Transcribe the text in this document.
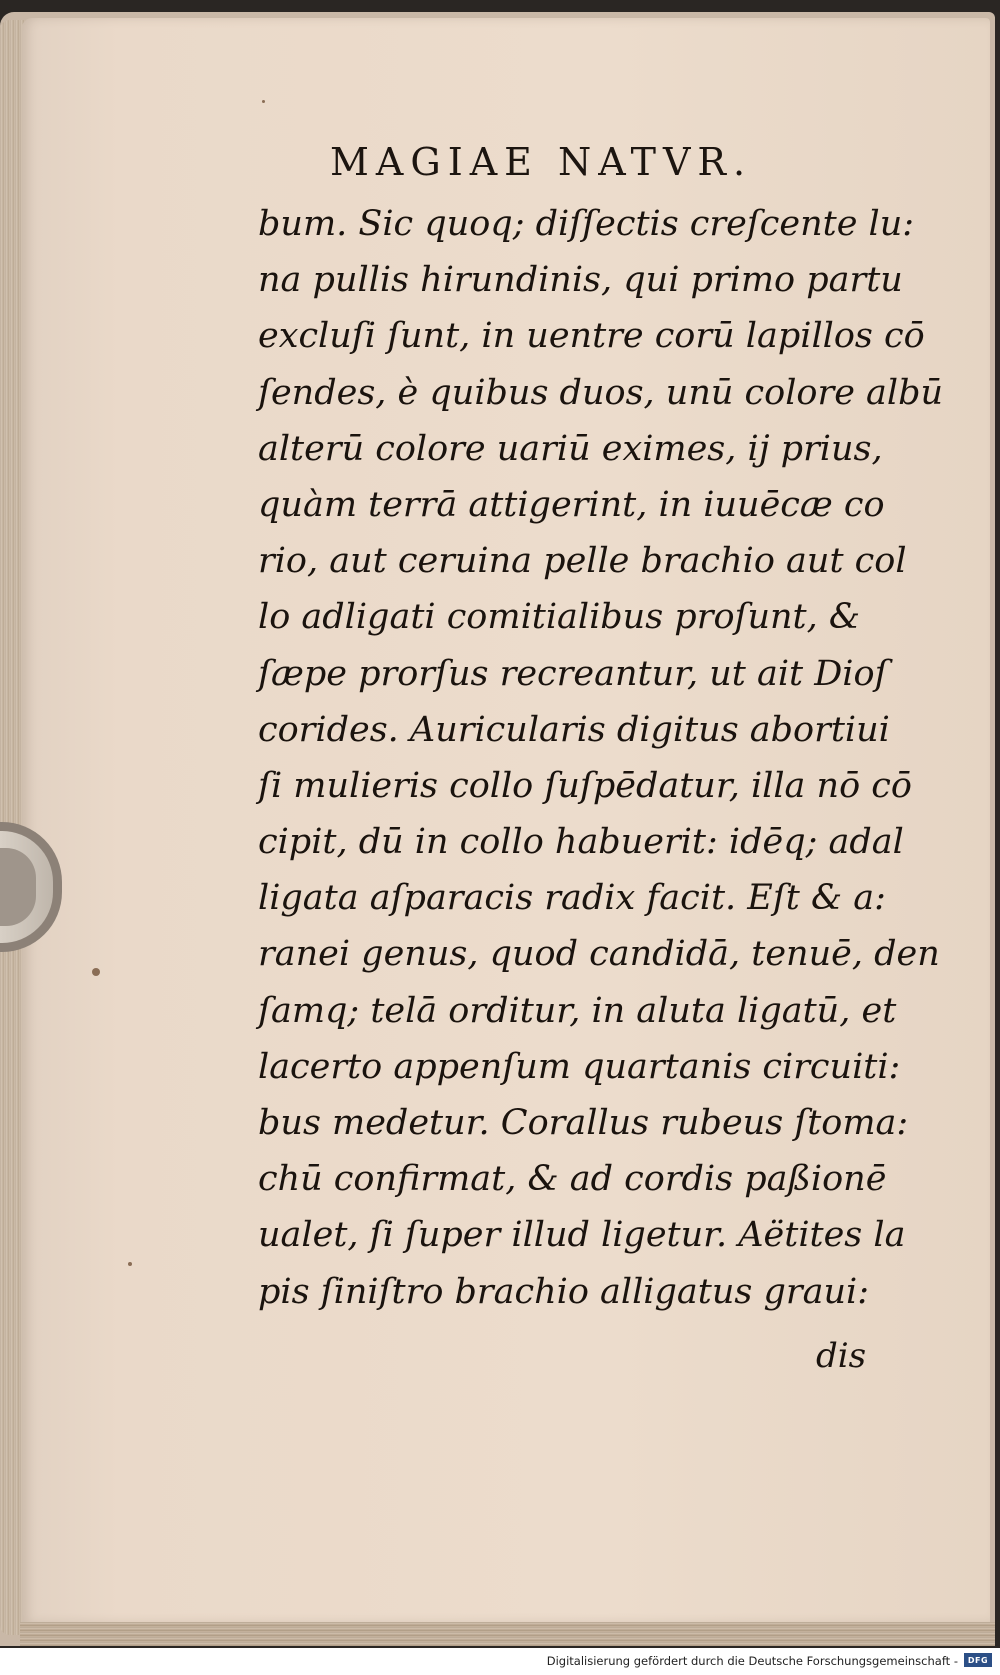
MAGIAE NATVR.
bum. Sic quoq; diſſectis creſcente lu:
na pullis hirundinis, qui primo partu
excluſi ſunt, in uentre corū lapillos cō
ſendes, è quibus duos, unū colore albū
alterū colore uariū eximes, ij prius,
quàm terrā attigerint, in iuuēcæ co
rio, aut ceruina pelle brachio aut col
lo adligati comitialibus proſunt, &
ſæpe prorſus recreantur, ut ait Dioſ
corides. Auricularis digitus abortiui
ſi mulieris collo ſuſpēdatur, illa nō cō
cipit, dū in collo habuerit: idēq; adal
ligata aſparacis radix facit. Eſt & a:
ranei genus, quod candidā, tenuē, den
ſamq; telā orditur, in aluta ligatū, et
lacerto appenſum quartanis circuiti:
bus medetur. Corallus rubeus ſtoma:
chū confirmat, & ad cordis paßionē
ualet, ſi ſuper illud ligetur. Aëtites la
pis ſiniſtro brachio alligatus graui:
dis
Digitalisierung gefördert durch die Deutsche Forschungsgemeinschaft -	DFG
